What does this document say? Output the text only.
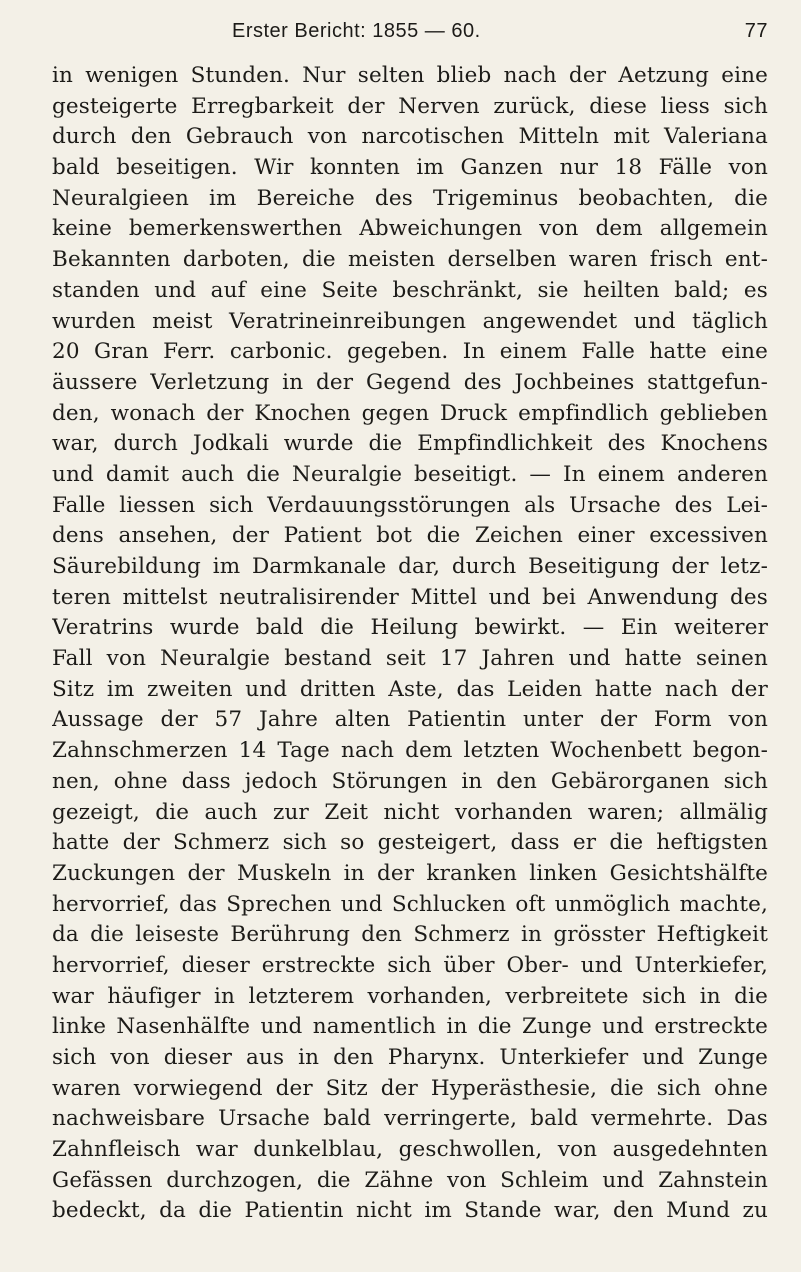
Erster Bericht: 1855 — 60.	77
in wenigen Stunden. Nur selten blieb nach der Aetzung eine
gesteigerte Erregbarkeit der Nerven zurück, diese liess sich
durch den Gebrauch von narcotischen Mitteln mit Valeriana
bald beseitigen. Wir konnten im Ganzen nur 18 Fälle von
Neuralgieen im Bereiche des Trigeminus beobachten, die
keine bemerkenswerthen Abweichungen von dem allgemein
Bekannten darboten, die meisten derselben waren frisch ent-
standen und auf eine Seite beschränkt, sie heilten bald; es
wurden meist Veratrineinreibungen angewendet und täglich
20 Gran Ferr. carbonic. gegeben. In einem Falle hatte eine
äussere Verletzung in der Gegend des Jochbeines stattgefun-
den, wonach der Knochen gegen Druck empfindlich geblieben
war, durch Jodkali wurde die Empfindlichkeit des Knochens
und damit auch die Neuralgie beseitigt. — In einem anderen
Falle liessen sich Verdauungsstörungen als Ursache des Lei-
dens ansehen, der Patient bot die Zeichen einer excessiven
Säurebildung im Darmkanale dar, durch Beseitigung der letz-
teren mittelst neutralisirender Mittel und bei Anwendung des
Veratrins wurde bald die Heilung bewirkt. — Ein weiterer
Fall von Neuralgie bestand seit 17 Jahren und hatte seinen
Sitz im zweiten und dritten Aste, das Leiden hatte nach der
Aussage der 57 Jahre alten Patientin unter der Form von
Zahnschmerzen 14 Tage nach dem letzten Wochenbett begon-
nen, ohne dass jedoch Störungen in den Gebärorganen sich
gezeigt, die auch zur Zeit nicht vorhanden waren; allmälig
hatte der Schmerz sich so gesteigert, dass er die heftigsten
Zuckungen der Muskeln in der kranken linken Gesichtshälfte
hervorrief, das Sprechen und Schlucken oft unmöglich machte,
da die leiseste Berührung den Schmerz in grösster Heftigkeit
hervorrief, dieser erstreckte sich über Ober- und Unterkiefer,
war häufiger in letzterem vorhanden, verbreitete sich in die
linke Nasenhälfte und namentlich in die Zunge und erstreckte
sich von dieser aus in den Pharynx. Unterkiefer und Zunge
waren vorwiegend der Sitz der Hyperästhesie, die sich ohne
nachweisbare Ursache bald verringerte, bald vermehrte. Das
Zahnfleisch war dunkelblau, geschwollen, von ausgedehnten
Gefässen durchzogen, die Zähne von Schleim und Zahnstein
bedeckt, da die Patientin nicht im Stande war, den Mund zu
